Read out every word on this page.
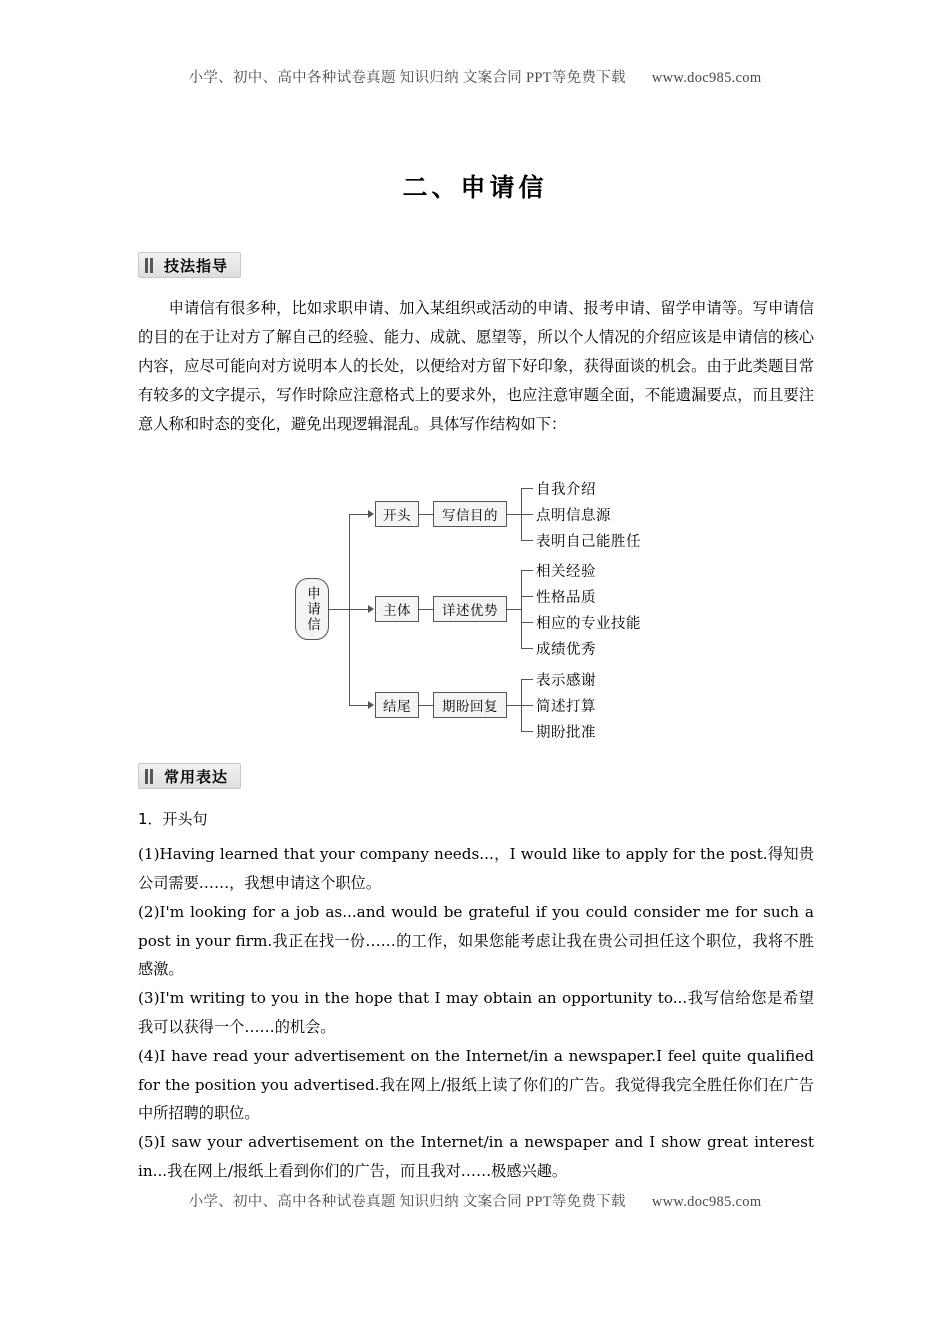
小学、初中、高中各种试卷真题 知识归纳 文案合同 PPT等免费下载 www.doc985.com
二、申请信
技法指导
申请信有很多种，比如求职申请、加入某组织或活动的申请、报考申请、留学申请等。写申请信的目的在于让对方了解自己的经验、能力、成就、愿望等，所以个人情况的介绍应该是申请信的核心内容，应尽可能向对方说明本人的长处，以便给对方留下好印象，获得面谈的机会。由于此类题目常有较多的文字提示，写作时除应注意格式上的要求外，也应注意审题全面，不能遗漏要点，而且要注意人称和时态的变化，避免出现逻辑混乱。具体写作结构如下：
申请信
开头
主体
结尾
写信目的
详述优势
期盼回复
自我介绍
点明信息源
表明自己能胜任
相关经验
性格品质
相应的专业技能
成绩优秀
表示感谢
简述打算
期盼批准
常用表达
1．开头句
(1)Having learned that your company needs...，I would like to apply for the post.得知贵公司需要……，我想申请这个职位。
(2)I'm looking for a job as...and would be grateful if you could consider me for such a post in your firm.我正在找一份……的工作，如果您能考虑让我在贵公司担任这个职位，我将不胜感激。
(3)I'm writing to you in the hope that I may obtain an opportunity to...我写信给您是希望我可以获得一个……的机会。
(4)I have read your advertisement on the Internet/in a newspaper.I feel quite qualified for the position you advertised.我在网上/报纸上读了你们的广告。我觉得我完全胜任你们在广告中所招聘的职位。
(5)I saw your advertisement on the Internet/in a newspaper and I show great interest in...我在网上/报纸上看到你们的广告，而且我对……极感兴趣。
小学、初中、高中各种试卷真题 知识归纳 文案合同 PPT等免费下载 www.doc985.com
